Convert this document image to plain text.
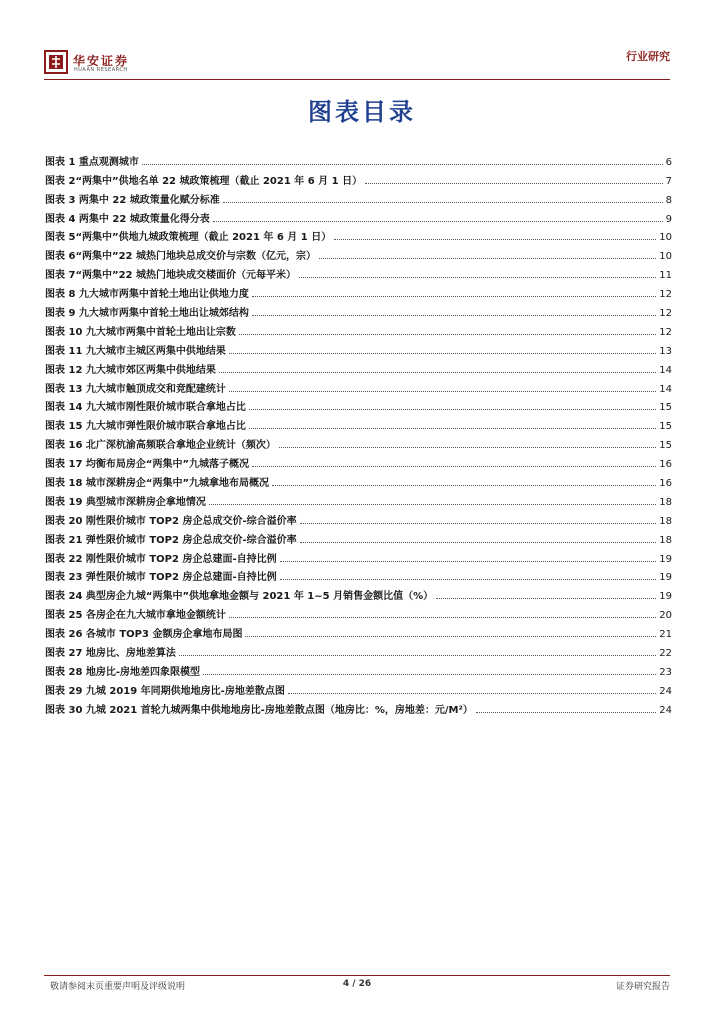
华安证券
HUAAN RESEARCH
行业研究
图表目录
图表 1 重点观测城市	6
图表 2“两集中”供地名单 22 城政策梳理（截止 2021 年 6 月 1 日）	7
图表 3 两集中 22 城政策量化赋分标准	8
图表 4 两集中 22 城政策量化得分表	9
图表 5“两集中”供地九城政策梳理（截止 2021 年 6 月 1 日）	10
图表 6“两集中”22 城热门地块总成交价与宗数（亿元，宗）	10
图表 7“两集中”22 城热门地块成交楼面价（元每平米）	11
图表 8 九大城市两集中首轮土地出让供地力度	12
图表 9 九大城市两集中首轮土地出让城郊结构	12
图表 10 九大城市两集中首轮土地出让宗数	12
图表 11 九大城市主城区两集中供地结果	13
图表 12 九大城市郊区两集中供地结果	14
图表 13 九大城市触顶成交和竞配建统计	14
图表 14 九大城市刚性限价城市联合拿地占比	15
图表 15 九大城市弹性限价城市联合拿地占比	15
图表 16 北广深杭渝高频联合拿地企业统计（频次）	15
图表 17 均衡布局房企“两集中”九城落子概况	16
图表 18 城市深耕房企“两集中”九城拿地布局概况	16
图表 19 典型城市深耕房企拿地情况	18
图表 20 刚性限价城市 TOP2 房企总成交价-综合溢价率	18
图表 21 弹性限价城市 TOP2 房企总成交价-综合溢价率	18
图表 22 刚性限价城市 TOP2 房企总建面-自持比例	19
图表 23 弹性限价城市 TOP2 房企总建面-自持比例	19
图表 24 典型房企九城“两集中”供地拿地金额与 2021 年 1~5 月销售金额比值（%）	19
图表 25 各房企在九大城市拿地金额统计	20
图表 26 各城市 TOP3 金额房企拿地布局图	21
图表 27 地房比、房地差算法	22
图表 28 地房比-房地差四象限模型	23
图表 29 九城 2019 年同期供地地房比-房地差散点图	24
图表 30 九城 2021 首轮九城两集中供地地房比-房地差散点图（地房比：%，房地差：元/M²）	24
敬请参阅末页重要声明及评级说明	4 / 26	证券研究报告
